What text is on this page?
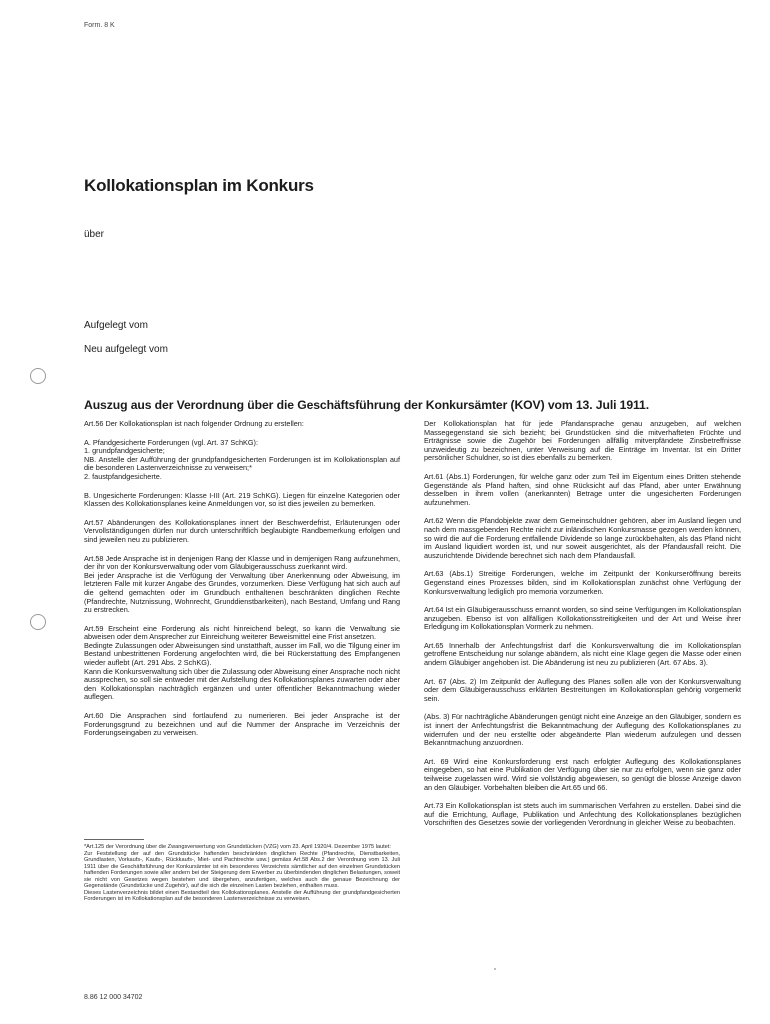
Form. 8 K
Kollokationsplan im Konkurs
über
Aufgelegt vom
Neu aufgelegt vom
Auszug aus der Verordnung über die Geschäftsführung der Konkursämter (KOV) vom 13. Juli 1911.
Art.56 Der Kollokationsplan ist nach folgender Ordnung zu erstellen:
A. Pfandgesicherte Forderungen (vgl. Art. 37 SchKG):
1. grundpfandgesicherte;
NB. Anstelle der Aufführung der grundpfandgesicherten Forderungen ist im Kollokationsplan auf die besonderen Lastenverzeichnisse zu verweisen;*
2. faustpfandgesicherte.
B. Ungesicherte Forderungen: Klasse I-III (Art. 219 SchKG). Liegen für einzelne Kategorien oder Klassen des Kollokationsplanes keine Anmeldungen vor, so ist dies jeweilen zu bemerken.
Art.57 Abänderungen des Kollokationsplanes innert der Beschwerdefrist, Erläuterungen oder Vervollständigungen dürfen nur durch unterschriftlich beglaubigte Randbemerkung erfolgen und sind jeweilen neu zu publizieren.
Art.58 Jede Ansprache ist in denjenigen Rang der Klasse und in demjenigen Rang aufzunehmen, der ihr von der Konkursverwaltung oder vom Gläubigerausschuss zuerkannt wird.
Bei jeder Ansprache ist die Verfügung der Verwaltung über Anerkennung oder Abweisung, im letzteren Falle mit kurzer Angabe des Grundes, vorzumerken. Diese Verfügung hat sich auch auf die geltend gemachten oder im Grundbuch enthaltenen beschränkten dinglichen Rechte (Pfandrechte, Nutznissung, Wohnrecht, Grunddienstbarkeiten), nach Bestand, Umfang und Rang zu erstrecken.
Art.59 Erscheint eine Forderung als nicht hinreichend belegt, so kann die Verwaltung sie abweisen oder dem Ansprecher zur Einreichung weiterer Beweismittel eine Frist ansetzen.
Bedingte Zulassungen oder Abweisungen sind unstatthaft, ausser im Fall, wo die Tilgung einer im Bestand unbestrittenen Forderung angefochten wird, die bei Rückerstattung des Empfangenen wieder auflebt (Art. 291 Abs. 2 SchKG).
Kann die Konkursverwaltung sich über die Zulassung oder Abweisung einer Ansprache noch nicht aussprechen, so soll sie entweder mit der Aufstellung des Kollokationsplanes zuwarten oder aber den Kollokationsplan nachträglich ergänzen und unter öffentlicher Bekanntmachung wieder auflegen.
Art.60 Die Ansprachen sind fortlaufend zu numerieren. Bei jeder Ansprache ist der Forderungsgrund zu bezeichnen und auf die Nummer der Ansprache im Verzeichnis der Forderungseingaben zu verweisen.
Der Kollokationsplan hat für jede Pfandansprache genau anzugeben, auf welchen Massegegenstand sie sich bezieht; bei Grundstücken sind die mitverhafteten Früchte und Erträgnisse sowie die Zugehör bei Forderungen allfällig mitverpfändete Zinsbetreffnisse unzweideutig zu bezeichnen, unter Verweisung auf die Einträge im Inventar. Ist ein Dritter persönlicher Schuldner, so ist dies ebenfalls zu bemerken.
Art.61 (Abs.1) Forderungen, für welche ganz oder zum Teil im Eigentum eines Dritten stehende Gegenstände als Pfand haften, sind ohne Rücksicht auf das Pfand, aber unter Erwähnung desselben in ihrem vollen (anerkannten) Betrage unter die ungesicherten Forderungen aufzunehmen.
Art.62 Wenn die Pfandobjekte zwar dem Gemeinschuldner gehören, aber im Ausland liegen und nach dem massgebenden Rechte nicht zur inländischen Konkursmasse gezogen werden können, so wird die auf die Forderung entfallende Dividende so lange zurückbehalten, als das Pfand nicht im Ausland liquidiert worden ist, und nur soweit ausgerichtet, als der Pfandausfall reicht. Die auszurichtende Dividende berechnet sich nach dem Pfandausfall.
Art.63 (Abs.1) Streitige Forderungen, welche im Zeitpunkt der Konkurseröffnung bereits Gegenstand eines Prozesses bilden, sind im Kollokationsplan zunächst ohne Verfügung der Konkursverwaltung lediglich pro memoria vorzumerken.
Art.64 Ist ein Gläubigerausschuss ernannt worden, so sind seine Verfügungen im Kollokationsplan anzugeben. Ebenso ist von allfälligen Kollokationsstreitigkeiten und der Art und Weise ihrer Erledigung im Kollokationsplan Vormerk zu nehmen.
Art.65 Innerhalb der Anfechtungsfrist darf die Konkursverwaltung die im Kollokationsplan getroffene Entscheidung nur solange abändern, als nicht eine Klage gegen die Masse oder einen andern Gläubiger angehoben ist. Die Abänderung ist neu zu publizieren (Art. 67 Abs. 3).
Art. 67 (Abs. 2) Im Zeitpunkt der Auflegung des Planes sollen alle von der Konkursverwaltung oder dem Gläubigerausschuss erklärten Bestreitungen im Kollokationsplan gehörig vorgemerkt sein.
(Abs. 3) Für nachträgliche Abänderungen genügt nicht eine Anzeige an den Gläubiger, sondern es ist innert der Anfechtungsfrist die Bekanntmachung der Auflegung des Kollokationsplanes zu widerrufen und der neu erstellte oder abgeänderte Plan wiederum aufzulegen und dessen Bekanntmachung anzuordnen.
Art. 69 Wird eine Konkursforderung erst nach erfolgter Auflegung des Kollokationsplanes eingegeben, so hat eine Publikation der Verfügung über sie nur zu erfolgen, wenn sie ganz oder teilweise zugelassen wird. Wird sie vollständig abgewiesen, so genügt die blosse Anzeige davon an den Gläubiger. Vorbehalten bleiben die Art.65 und 66.
Art.73 Ein Kollokationsplan ist stets auch im summarischen Verfahren zu erstellen. Dabei sind die auf die Errichtung, Auflage, Publikation und Anfechtung des Kollokationsplanes bezüglichen Vorschriften des Gesetzes sowie der vorliegenden Verordnung in gleicher Weise zu beobachten.
*Art.125 der Verordnung über die Zwangsverwertung von Grundstücken (VZG) vom 23. April 1920/4. Dezember 1975 lautet:
Zur Feststellung der auf den Grundstücke haftenden beschränkten dinglichen Rechte (Pfandrechte, Dienstbarkeiten, Grundlasten, Vorkaufs-, Kaufs-, Rückkaufs-, Miet- und Pachtrechte usw.) gemäss Art.58 Abs.2 der Verordnung vom 13. Juli 1911 über die Geschäftsführung der Konkursämter ist ein besonderes Verzeichnis sämtlicher auf den einzelnen Grundstücken haftenden Forderungen sowie aller andern bei der Steigerung dem Erwerber zu überbindenden dinglichen Belastungen, soweit sie nicht von Gesetzes wegen bestehen und übergehen, anzufertigen, welches auch die genaue Bezeichnung der Gegenstände (Grundstücke und Zugehör), auf die sich die einzelnen Lasten beziehen, enthalten muss.
Dieses Lastenverzeichnis bildet einen Bestandteil des Kollokationsplanes. Anstelle der Aufführung der grundpfandgesicherten Forderungen ist im Kollokationsplan auf die besonderen Lastenverzeichnisse zu verweisen.
8.86 12 000 34702
